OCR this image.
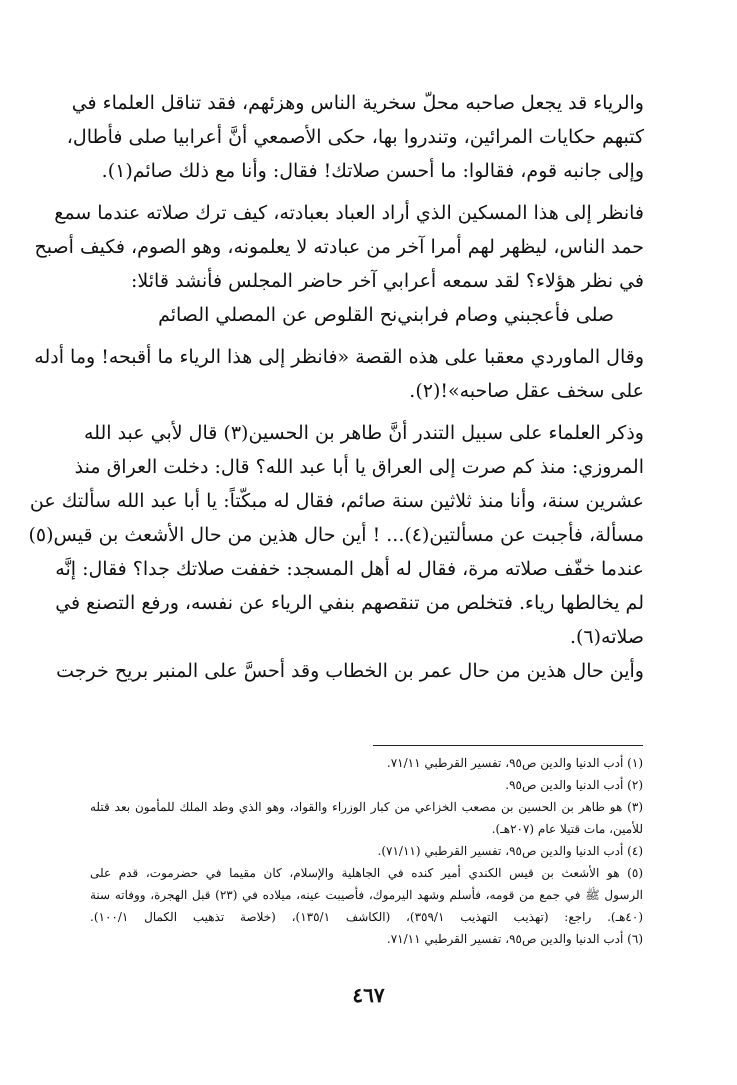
والرياء قد يجعل صاحبه محلّ سخرية الناس وهزئهم، فقد تناقل العلماء في
كتبهم حكايات المرائين، وتندروا بها، حكى الأصمعي أنَّ أعرابيا صلى فأطال،
وإلى جانبه قوم، فقالوا: ما أحسن صلاتك! فقال: وأنا مع ذلك صائم(١).
فانظر إلى هذا المسكين الذي أراد العباد بعبادته، كيف ترك صلاته عندما سمع
حمد الناس، ليظهر لهم أمرا آخر من عبادته لا يعلمونه، وهو الصوم، فكيف أصبح
في نظر هؤلاء؟ لقد سمعه أعرابي آخر حاضر المجلس فأنشد قائلا:
صلى فأعجبني وصام فرابني
نح القلوص عن المصلي الصائم
وقال الماوردي معقبا على هذه القصة «فانظر إلى هذا الرياء ما أقبحه! وما أدله
على سخف عقل صاحبه»!(٢).
وذكر العلماء على سبيل التندر أنَّ طاهر بن الحسين(٣) قال لأبي عبد الله
المروزي: منذ كم صرت إلى العراق يا أبا عبد الله؟ قال: دخلت العراق منذ
عشرين سنة، وأنا منذ ثلاثين سنة صائم، فقال له مبكّتاً: يا أبا عبد الله سألتك عن
مسألة، فأجبت عن مسألتين(٤)... ! أين حال هذين من حال الأشعث بن قيس(٥)
عندما خفّف صلاته مرة، فقال له أهل المسجد: خففت صلاتك جدا؟ فقال: إنَّه
لم يخالطها رياء. فتخلص من تنقصهم بنفي الرياء عن نفسه، ورفع التصنع في
صلاته(٦).
وأين حال هذين من حال عمر بن الخطاب وقد أحسَّ على المنبر بريح خرجت
(١) أدب الدنيا والدين ص٩٥، تفسير القرطبي ٧١/١١.
(٢) أدب الدنيا والدين ص٩٥.
(٣) هو طاهر بن الحسين بن مصعب الخزاعي من كبار الوزراء والقواد، وهو الذي وطد الملك للمأمون بعد قتله
للأمين، مات قتيلا عام (٢٠٧هـ).
(٤) أدب الدنيا والدين ص٩٥، تفسير القرطبي (٧١/١١).
(٥) هو الأشعث بن قيس الكندي أمير كنده في الجاهلية والإسلام، كان مقيما في حضرموت، قدم على
الرسول ﷺ في جمع من قومه، فأسلم وشهد اليرموك، فأصيبت عينه، ميلاده في (٢٣) قبل الهجرة، ووفاته سنة
(٤٠هـ). راجع: (تهذيب التهذيب ٣٥٩/١)، (الكاشف ١٣٥/١)، (خلاصة تذهيب الكمال ١٠٠/١).
(٦) أدب الدنيا والدين ص٩٥، تفسير القرطبي ٧١/١١.
٤٦٧
